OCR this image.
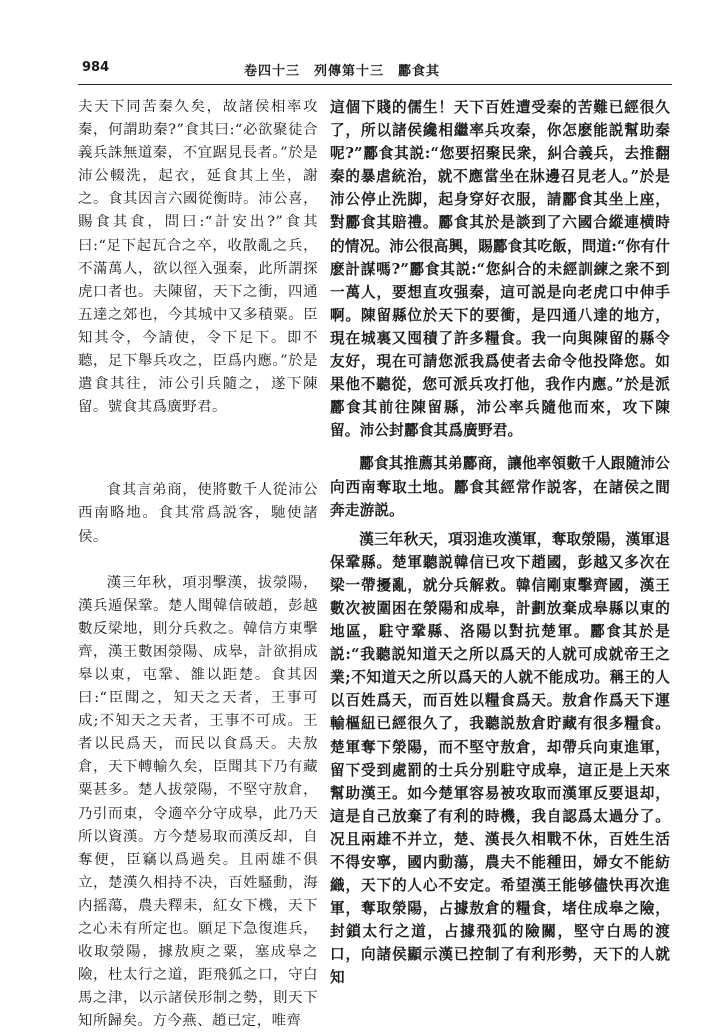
984	卷四十三　列傳第十三　酈食其

夫天下同苦秦久矣，故諸侯相率攻秦，何謂助秦?”食其曰:“必欲聚徒合義兵誅無道秦，不宜踞見長者。”於是沛公輟洗，起衣，延食其上坐，謝之。食其因言六國從衡時。沛公喜，賜食其食，問曰:“計安出?”食其曰:“足下起瓦合之卒，收散亂之兵，不滿萬人，欲以徑入强秦，此所謂探虎口者也。夫陳留，天下之衝，四通五達之郊也，今其城中又多積粟。臣知其令，今請使，令下足下。即不聽，足下舉兵攻之，臣爲内應。”於是遣食其往，沛公引兵隨之，遂下陳留。號食其爲廣野君。

食其言弟商，使將數千人從沛公西南略地。食其常爲説客，馳使諸侯。

漢三年秋，項羽擊漢，拔滎陽，漢兵遁保鞏。楚人聞韓信破趙，彭越數反梁地，則分兵救之。韓信方東擊齊，漢王數困滎陽、成皋，計欲捐成皋以東，屯鞏、雒以距楚。食其因曰:“臣聞之，知天之天者，王事可成;不知天之天者，王事不可成。王者以民爲天，而民以食爲天。夫敖倉，天下轉輸久矣，臣聞其下乃有藏粟甚多。楚人拔滎陽，不堅守敖倉，乃引而東，令適卒分守成皋，此乃天所以資漢。方今楚易取而漢反却，自奪便，臣竊以爲過矣。且兩雄不俱立，楚漢久相持不决，百姓騷動，海内摇蕩，農夫釋耒，紅女下機，天下之心未有所定也。願足下急復進兵，收取滎陽，據敖庾之粟，塞成皋之險，杜太行之道，距飛狐之口，守白馬之津，以示諸侯形制之勢，則天下知所歸矣。方今燕、趙已定，唯齊

這個下賤的儒生！天下百姓遭受秦的苦難已經很久了，所以諸侯纔相繼率兵攻秦，你怎麽能説幫助秦呢?”酈食其説:“您要招聚民衆，糾合義兵，去推翻秦的暴虐統治，就不應當坐在牀邊召見老人。”於是沛公停止洗脚，起身穿好衣服，請酈食其坐上座，對酈食其賠禮。酈食其於是談到了六國合縱連横時的情况。沛公很高興，賜酈食其吃飯，問道:“你有什麽計謀嗎?”酈食其説:“您糾合的未經訓練之衆不到一萬人，要想直攻强秦，這可説是向老虎口中伸手啊。陳留縣位於天下的要衝，是四通八達的地方，現在城裏又囤積了許多糧食。我一向與陳留的縣令友好，現在可請您派我爲使者去命令他投降您。如果他不聽從，您可派兵攻打他，我作内應。”於是派酈食其前往陳留縣，沛公率兵隨他而來，攻下陳留。沛公封酈食其爲廣野君。

酈食其推薦其弟酈商，讓他率領數千人跟隨沛公向西南奪取土地。酈食其經常作説客，在諸侯之間奔走游説。

漢三年秋天，項羽進攻漢軍，奪取滎陽，漢軍退保鞏縣。楚軍聽説韓信已攻下趙國，彭越又多次在梁一帶擾亂，就分兵解救。韓信剛東擊齊國，漢王數次被圍困在滎陽和成皋，計劃放棄成皋縣以東的地區，駐守鞏縣、洛陽以對抗楚軍。酈食其於是説:“我聽説知道天之所以爲天的人就可成就帝王之業;不知道天之所以爲天的人就不能成功。稱王的人以百姓爲天，而百姓以糧食爲天。敖倉作爲天下運輸樞紐已經很久了，我聽説敖倉貯藏有很多糧食。楚軍奪下滎陽，而不堅守敖倉，却帶兵向東進軍，留下受到處罰的士兵分别駐守成皋，這正是上天來幫助漢王。如今楚軍容易被攻取而漢軍反要退却，這是自己放棄了有利的時機，我自認爲太過分了。况且兩雄不并立，楚、漢長久相戰不休，百姓生活不得安寧，國内動蕩，農夫不能種田，婦女不能紡織，天下的人心不安定。希望漢王能够儘快再次進軍，奪取滎陽，占據敖倉的糧食，堵住成皋之險，封鎖太行之道，占據飛狐的險關，堅守白馬的渡口，向諸侯顯示漢已控制了有利形勢，天下的人就知
